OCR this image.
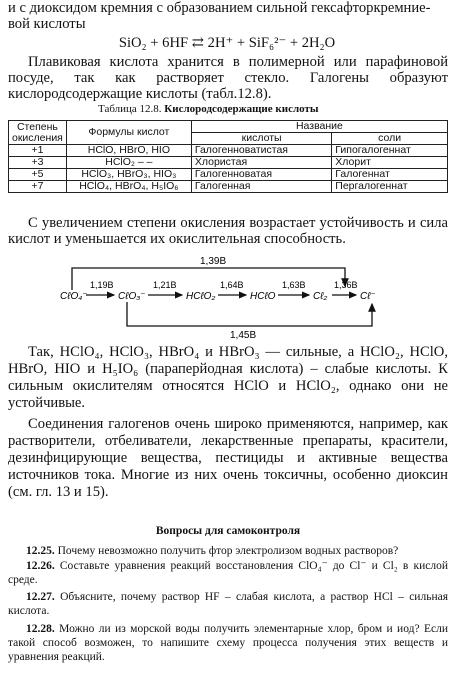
и с диоксидом кремния с образованием сильной гексафторкремние-
вой кислоты
SiO₂ + 6HF ⇄ 2H⁺ + SiF₆²⁻ + 2H₂O
Плавиковая кислота хранится в полимерной или парафиновой посуде, так как растворяет стекло. Галогены образуют кислородсодержащие кислоты (табл.12.8).
Таблица 12.8. Кислородсодержащие кислоты
Степень окисления	Формулы кислот	Название	
		кислоты	соли
+1	HClO, HBrO, HIO	Галогенноватистая	Гипогалогеннат
+3	HClO₂ – –	Хлористая	Хлорит
+5	HClO₃, HBrO₃, HIO₃	Галогенноватая	Галогеннат
+7	HClO₄, HBrO₄, H₅IO₆	Галогенная	Пергалогеннат
С увеличением степени окисления возрастает устойчивость и сила кислот и уменьшается их окислительная способность.
1,39B
1,45B
CℓO₄⁻	CℓO₃⁻	HCℓO₂	HCℓO	Cℓ₂	Cℓ⁻
1,19B	1,21B	1,64B	1,63B	1,36B
Так, HClO₄, HClO₃, HBrO₄ и HBrO₃ — сильные, а HClO₂, HClO, HBrO, HIO и H₅IO₆ (параперйодная кислота) – слабые кислоты. К сильным окислителям относятся HClO и HClO₂, однако они не устойчивые.
Соединения галогенов очень широко применяются, например, как растворители, отбеливатели, лекарственные препараты, красители, дезинфицирующие вещества, пестициды и активные вещества источников тока. Многие из них очень токсичны, особенно диоксин (см. гл. 13 и 15).
Вопросы для самоконтроля
12.25. Почему невозможно получить фтор электролизом водных растворов?
12.26. Составьте уравнения реакций восстановления ClO₄⁻ до Cl⁻ и Cl₂ в кислой среде.
12.27. Объясните, почему раствор HF – слабая кислота, а раствор HCl – сильная кислота.
12.28. Можно ли из морской воды получить элементарные хлор, бром и иод? Если такой способ возможен, то напишите схему процесса получения этих веществ и уравнения реакций.
